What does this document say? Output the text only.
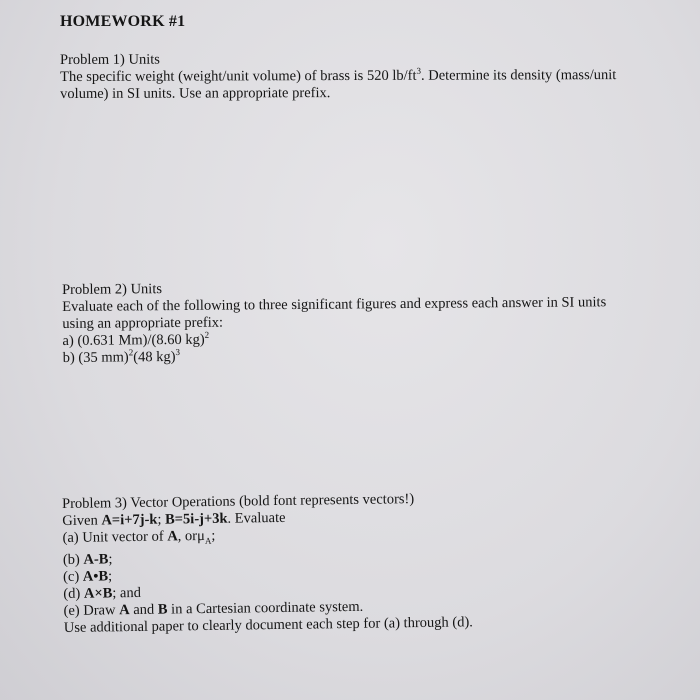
HOMEWORK #1
Problem 1) Units
The specific weight (weight/unit volume) of brass is 520 $lb/ft^3$. Determine its density (mass/unit
volume) in SI units. Use an appropriate prefix.
Problem 2) Units
Evaluate each of the following to three significant figures and express each answer in SI units
using an appropriate prefix:
a) (0.631 Mm)/(8.60 kg)$^2$
b) (35 mm)$^2$(48 kg)$^3$
Problem 3) Vector Operations (bold font represents vectors!)
Given A=i+7j-k; B=5i-j+3k. Evaluate
(a) Unit vector of A, orμ$_A$;
(b) A-B;
(c) A•B;
(d) A×B; and
(e) Draw A and B in a Cartesian coordinate system.
Use additional paper to clearly document each step for (a) through (d).
